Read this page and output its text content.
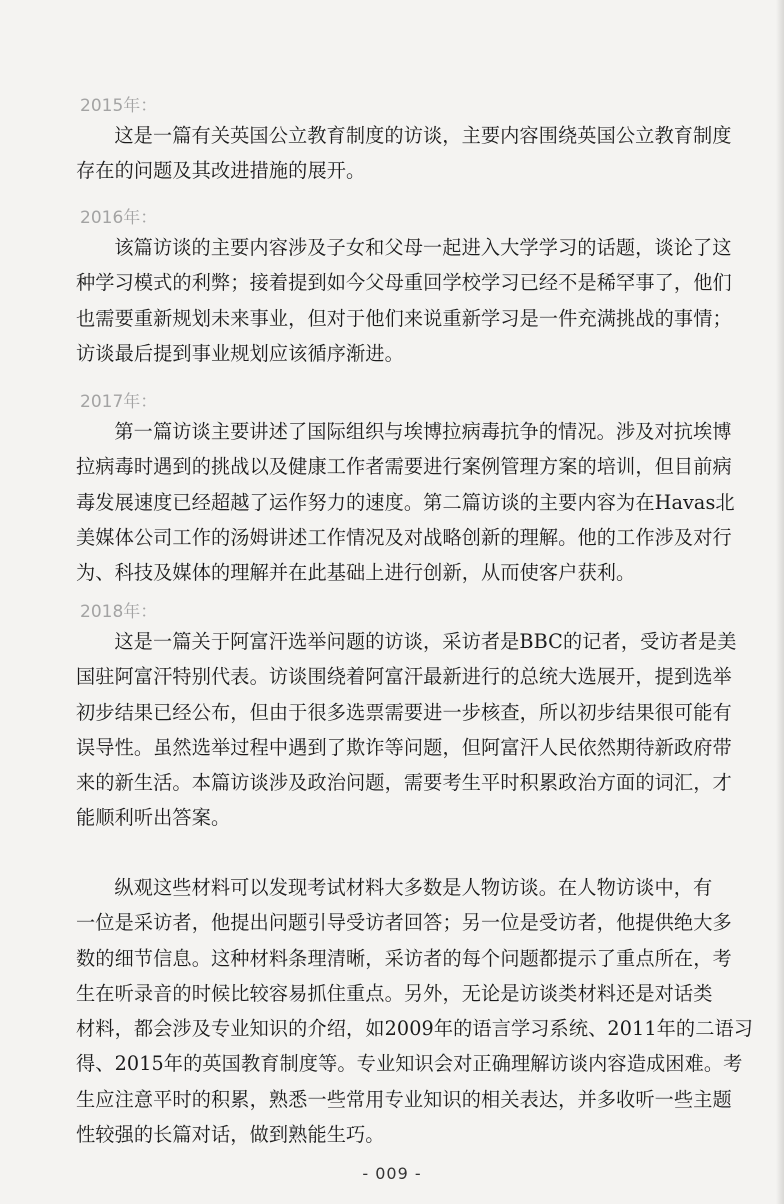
2015年：

这是一篇有关英国公立教育制度的访谈，主要内容围绕英国公立教育制度
存在的问题及其改进措施的展开。

2016年：

该篇访谈的主要内容涉及子女和父母一起进入大学学习的话题，谈论了这
种学习模式的利弊；接着提到如今父母重回学校学习已经不是稀罕事了，他们
也需要重新规划未来事业，但对于他们来说重新学习是一件充满挑战的事情；
访谈最后提到事业规划应该循序渐进。

2017年：

第一篇访谈主要讲述了国际组织与埃博拉病毒抗争的情况。涉及对抗埃博
拉病毒时遇到的挑战以及健康工作者需要进行案例管理方案的培训，但目前病
毒发展速度已经超越了运作努力的速度。第二篇访谈的主要内容为在Havas北
美媒体公司工作的汤姆讲述工作情况及对战略创新的理解。他的工作涉及对行
为、科技及媒体的理解并在此基础上进行创新，从而使客户获利。

2018年：

这是一篇关于阿富汗选举问题的访谈，采访者是BBC的记者，受访者是美
国驻阿富汗特别代表。访谈围绕着阿富汗最新进行的总统大选展开，提到选举
初步结果已经公布，但由于很多选票需要进一步核查，所以初步结果很可能有
误导性。虽然选举过程中遇到了欺诈等问题，但阿富汗人民依然期待新政府带
来的新生活。本篇访谈涉及政治问题，需要考生平时积累政治方面的词汇，才
能顺利听出答案。

纵观这些材料可以发现考试材料大多数是人物访谈。在人物访谈中，有
一位是采访者，他提出问题引导受访者回答；另一位是受访者，他提供绝大多
数的细节信息。这种材料条理清晰，采访者的每个问题都提示了重点所在，考
生在听录音的时候比较容易抓住重点。另外，无论是访谈类材料还是对话类
材料，都会涉及专业知识的介绍，如2009年的语言学习系统、2011年的二语习
得、2015年的英国教育制度等。专业知识会对正确理解访谈内容造成困难。考
生应注意平时的积累，熟悉一些常用专业知识的相关表达，并多收听一些主题
性较强的长篇对话，做到熟能生巧。

- 009 -
